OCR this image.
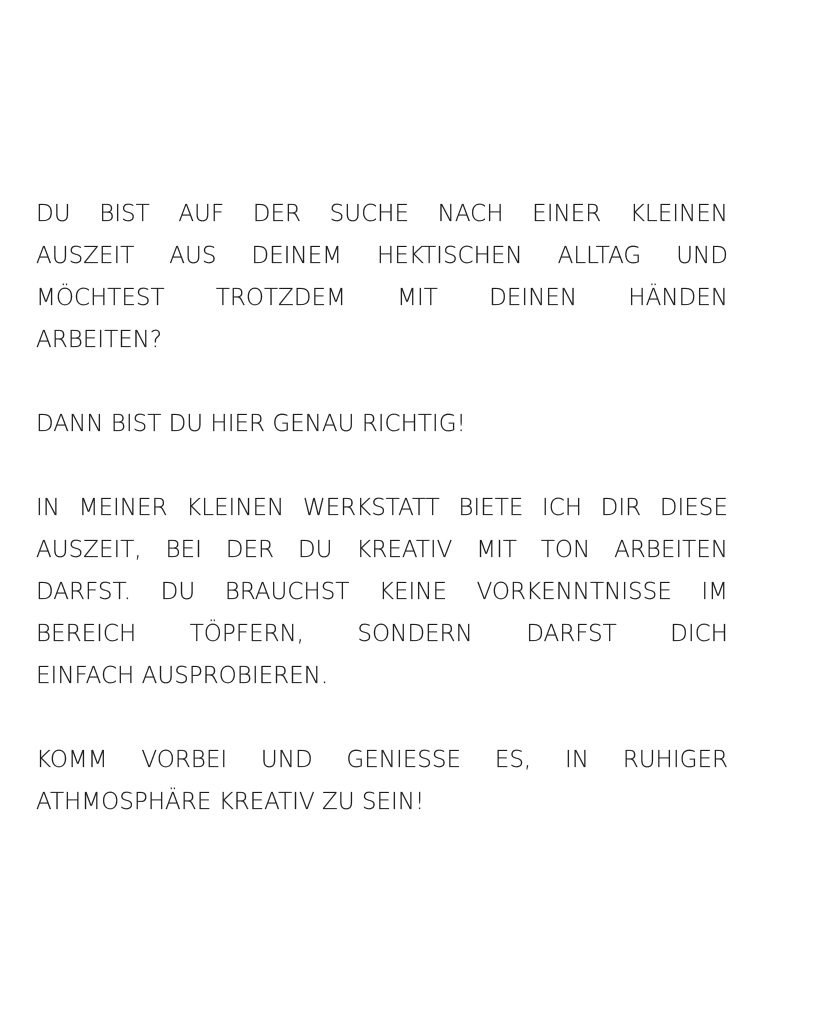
DU BIST AUF DER SUCHE NACH EINER KLEINEN
AUSZEIT AUS DEINEM HEKTISCHEN ALLTAG UND
MÖCHTEST TROTZDEM MIT DEINEN HÄNDEN
ARBEITEN?
DANN BIST DU HIER GENAU RICHTIG!
IN MEINER KLEINEN WERKSTATT BIETE ICH DIR DIESE
AUSZEIT, BEI DER DU KREATIV MIT TON ARBEITEN
DARFST. DU BRAUCHST KEINE VORKENNTNISSE IM
BEREICH TÖPFERN, SONDERN DARFST DICH
EINFACH AUSPROBIEREN.
KOMM VORBEI UND GENIESSE ES, IN RUHIGER
ATHMOSPHÄRE KREATIV ZU SEIN!
